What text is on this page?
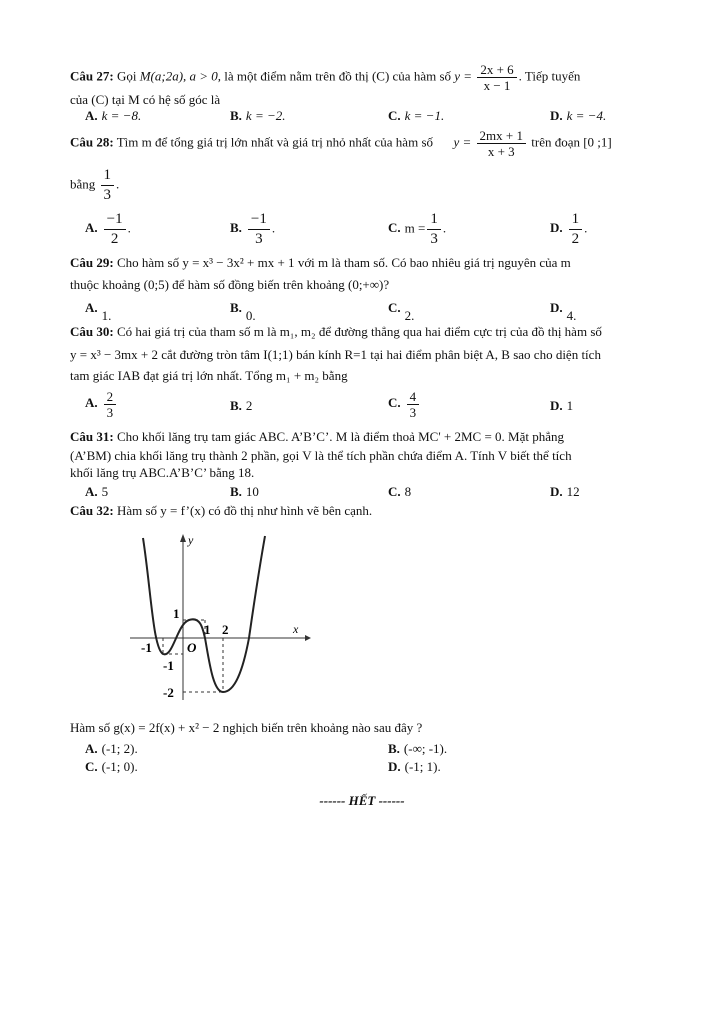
Câu 27: Gọi M(a;2a), a > 0, là một điểm nằm trên đồ thị (C) của hàm số $y = \frac{2x + 6}{x - 1}$ . Tiếp tuyến
của (C) tại M có hệ số góc là
A. k = −8.	B. k = −2.	C. k = −1.	D. k = −4.
Câu 28: Tìm m để tổng giá trị lớn nhất và giá trị nhỏ nhất của hàm số $y = \frac{2mx + 1}{x + 3}$ trên đoạn [0 ;1]
bằng $\frac{1}{3}$ .
A. $\frac{-1}{2}$ .	B. $\frac{-1}{3}$ .	C. $m = \frac{1}{3}$ .	D. $\frac{1}{2}$ .
Câu 29: Cho hàm số y = x³ − 3x² + mx + 1 với m là tham số. Có bao nhiêu giá trị nguyên của m
thuộc khoảng (0;5) để hàm số đồng biến trên khoảng (0;+∞)?
A.1.
B.0.
C.2.
D.4.
Câu 30: Có hai giá trị của tham số m là m₁, m₂ để đường thẳng qua hai điểm cực trị của đồ thị hàm số
y = x³ − 3mx + 2 cắt đường tròn tâm I(1;1) bán kính R=1 tại hai điểm phân biệt A, B sao cho diện tích
tam giác IAB đạt giá trị lớn nhất. Tổng m₁ + m₂ bằng
A. $\frac{2}{3}$	B. 2	C. $\frac{4}{3}$	D. 1
Câu 31: Cho khối lăng trụ tam giác ABC. A’B’C’. M là điểm thoả MC' + 2MC = 0. Mặt phẳng
(A’BM) chia khối lăng trụ thành 2 phần, gọi V là thể tích phần chứa điểm A. Tính V biết thể tích
khối lăng trụ ABC.A’B’C’ bằng 18.
A. 5	B. 10	C. 8	D. 12
Câu 32: Hàm số y = f’(x) có đồ thị như hình vẽ bên cạnh.
x
y
O
-1
1 2
1
-1
-2
Hàm số g(x) = 2f(x) + x² − 2 nghịch biến trên khoảng nào sau đây ?
A. (-1; 2).	B. (-∞; -1).
C. (-1; 0).	D. (-1; 1).
------ HẾT ------
